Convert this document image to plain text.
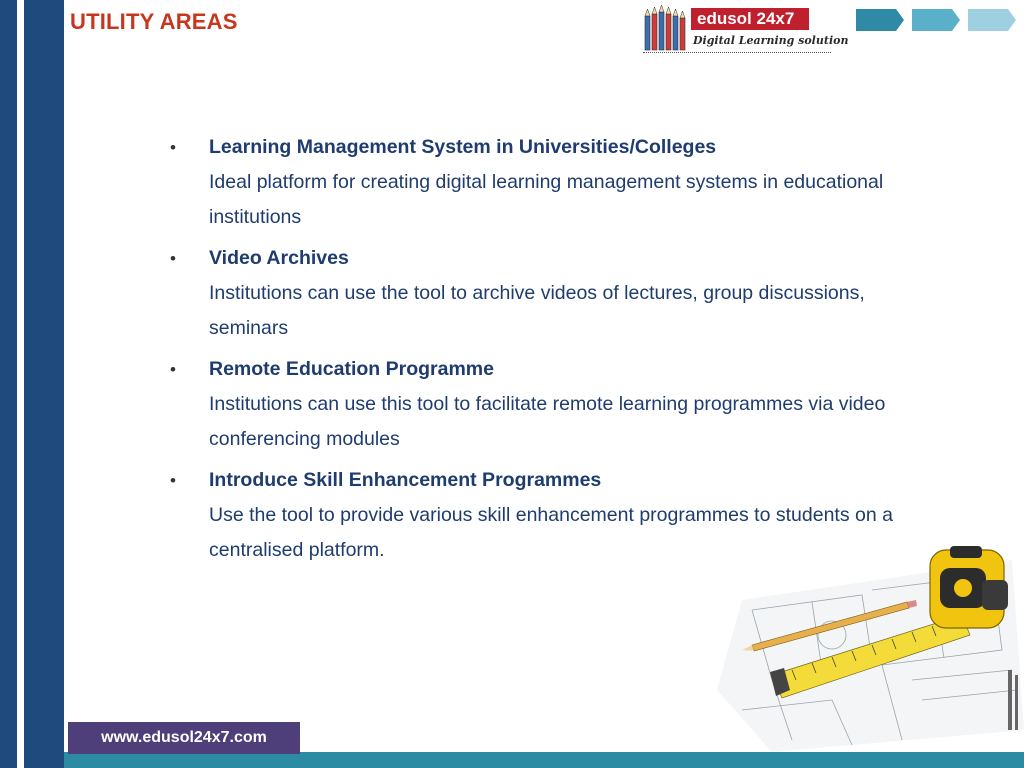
UTILITY AREAS	edusol 24x7
Digital Learning solution
• Learning Management System in Universities/Colleges
Ideal platform for creating digital learning management systems in educational institutions
• Video Archives
Institutions can use the tool to archive videos of lectures, group discussions, seminars
• Remote Education Programme
Institutions can use this tool to facilitate remote learning programmes via video conferencing modules
• Introduce Skill Enhancement Programmes
Use the tool to provide various skill enhancement programmes to students on a centralised platform.
www.edusol24x7.com
